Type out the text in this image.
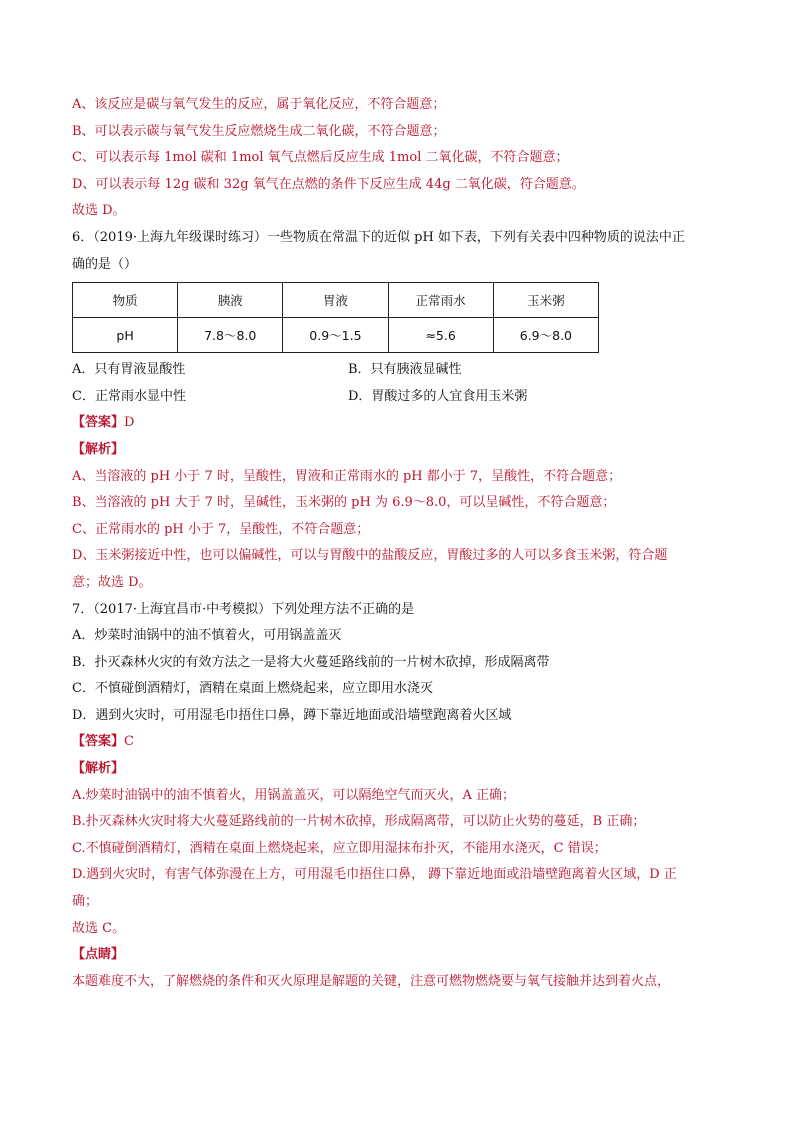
A、该反应是碳与氧气发生的反应，属于氧化反应，不符合题意；
B、可以表示碳与氧气发生反应燃烧生成二氧化碳，不符合题意；
C、可以表示每 1mol 碳和 1mol 氧气点燃后反应生成 1mol 二氧化碳，不符合题意；
D、可以表示每 12g 碳和 32g 氧气在点燃的条件下反应生成 44g 二氧化碳，符合题意。
故选 D。
6．（2019·上海九年级课时练习）一些物质在常温下的近似 pH 如下表，下列有关表中四种物质的说法中正
确的是（）
物质	胰液	胃液	正常雨水	玉米粥
pH	7.8～8.0	0.9～1.5	≈5.6	6.9～8.0
A．只有胃液显酸性	B．只有胰液显碱性
C．正常雨水显中性	D．胃酸过多的人宜食用玉米粥
【答案】D
【解析】
A、当溶液的 pH 小于 7 时，呈酸性，胃液和正常雨水的 pH 都小于 7，呈酸性，不符合题意；
B、当溶液的 pH 大于 7 时，呈碱性，玉米粥的 pH 为 6.9～8.0，可以呈碱性，不符合题意；
C、正常雨水的 pH 小于 7，呈酸性，不符合题意；
D、玉米粥接近中性，也可以偏碱性，可以与胃酸中的盐酸反应，胃酸过多的人可以多食玉米粥，符合题
意；故选 D。
7．（2017·上海宜昌市·中考模拟）下列处理方法不正确的是
A．炒菜时油锅中的油不慎着火，可用锅盖盖灭
B．扑灭森林火灾的有效方法之一是将大火蔓延路线前的一片树木砍掉，形成隔离带
C．不慎碰倒酒精灯，酒精在桌面上燃烧起来，应立即用水浇灭
D．遇到火灾时，可用湿毛巾捂住口鼻，蹲下靠近地面或沿墙壁跑离着火区域
【答案】C
【解析】
A.炒菜时油锅中的油不慎着火，用锅盖盖灭，可以隔绝空气而灭火，A 正确；
B.扑灭森林火灾时将大火蔓延路线前的一片树木砍掉，形成隔离带，可以防止火势的蔓延，B 正确；
C.不慎碰倒酒精灯，酒精在桌面上燃烧起来，应立即用湿抹布扑灭，不能用水浇灭，C 错误；
D.遇到火灾时，有害气体弥漫在上方，可用湿毛巾捂住口鼻， 蹲下靠近地面或沿墙壁跑离着火区域，D 正
确；
故选 C。
【点睛】
本题难度不大，了解燃烧的条件和灭火原理是解题的关键，注意可燃物燃烧要与氧气接触并达到着火点，
